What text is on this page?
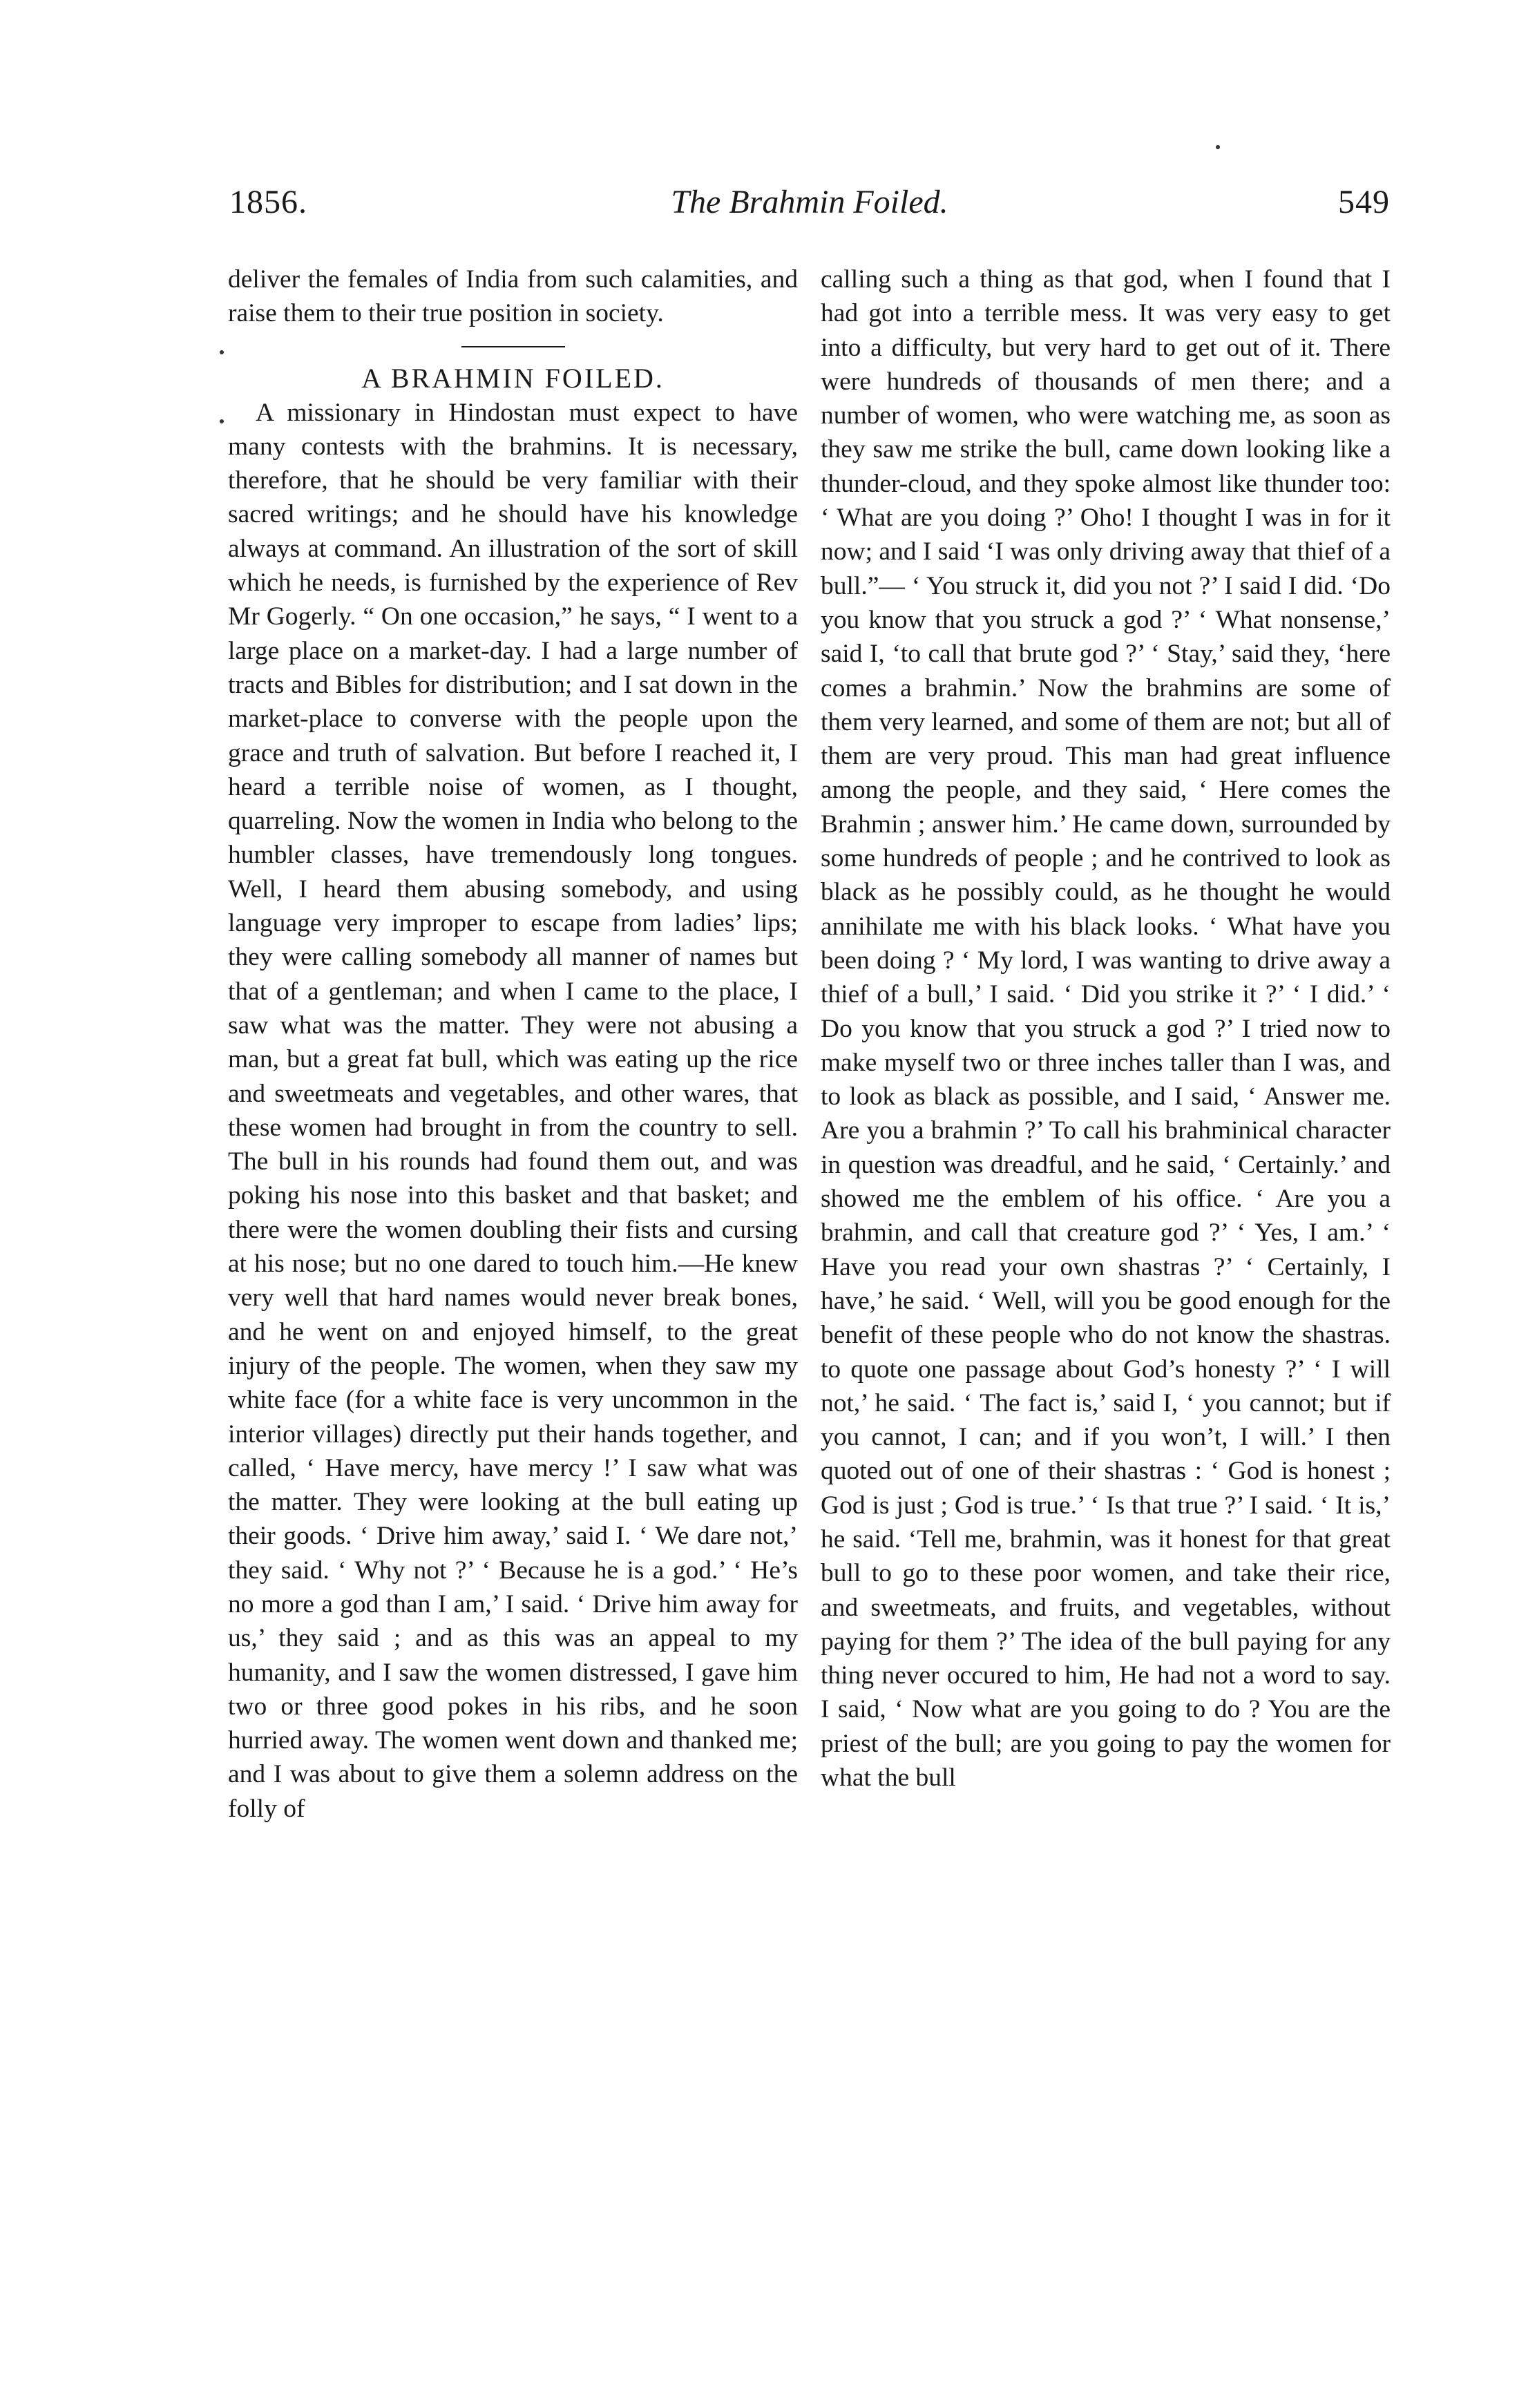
1856.	The Brahmin Foiled.	549

deliver the females of India from such calamities, and raise them to their true position in society.

A BRAHMIN FOILED.

A missionary in Hindostan must expect to have many contests with the brahmins. It is necessary, therefore, that he should be very familiar with their sacred writings; and he should have his knowledge always at command. An illustration of the sort of skill which he needs, is furnished by the experience of Rev Mr Gogerly. “ On one occasion,” he says, “ I went to a large place on a market-day. I had a large number of tracts and Bibles for distribution; and I sat down in the market-place to converse with the people upon the grace and truth of salvation. But before I reached it, I heard a terrible noise of women, as I thought, quarreling. Now the women in India who belong to the humbler classes, have tremendously long tongues. Well, I heard them abusing somebody, and using language very improper to escape from ladies’ lips; they were calling somebody all manner of names but that of a gentleman; and when I came to the place, I saw what was the matter. They were not abusing a man, but a great fat bull, which was eating up the rice and sweetmeats and vegetables, and other wares, that these women had brought in from the country to sell. The bull in his rounds had found them out, and was poking his nose into this basket and that basket; and there were the women doubling their fists and cursing at his nose; but no one dared to touch him.—He knew very well that hard names would never break bones, and he went on and enjoyed himself, to the great injury of the people. The women, when they saw my white face (for a white face is very uncommon in the interior villages) directly put their hands together, and called, ‘ Have mercy, have mercy !’ I saw what was the matter. They were looking at the bull eating up their goods. ‘ Drive him away,’ said I. ‘ We dare not,’ they said. ‘ Why not ?’ ‘ Because he is a god.’ ‘ He’s no more a god than I am,’ I said. ‘ Drive him away for us,’ they said ; and as this was an appeal to my humanity, and I saw the women distressed, I gave him two or three good pokes in his ribs, and he soon hurried away. The women went down and thanked me; and I was about to give them a solemn address on the folly of

calling such a thing as that god, when I found that I had got into a terrible mess. It was very easy to get into a difficulty, but very hard to get out of it. There were hundreds of thousands of men there; and a number of women, who were watching me, as soon as they saw me strike the bull, came down looking like a thunder-cloud, and they spoke almost like thunder too: ‘ What are you doing ?’ Oho! I thought I was in for it now; and I said ‘I was only driving away that thief of a bull.”— ‘ You struck it, did you not ?’ I said I did. ‘Do you know that you struck a god ?’ ‘ What nonsense,’ said I, ‘to call that brute god ?’ ‘ Stay,’ said they, ‘here comes a brahmin.’ Now the brahmins are some of them very learned, and some of them are not; but all of them are very proud. This man had great influence among the people, and they said, ‘ Here comes the Brahmin ; answer him.’ He came down, surrounded by some hundreds of people ; and he contrived to look as black as he possibly could, as he thought he would annihilate me with his black looks. ‘ What have you been doing ? ‘ My lord, I was wanting to drive away a thief of a bull,’ I said. ‘ Did you strike it ?’ ‘ I did.’ ‘ Do you know that you struck a god ?’ I tried now to make myself two or three inches taller than I was, and to look as black as possible, and I said, ‘ Answer me. Are you a brahmin ?’ To call his brahminical character in question was dreadful, and he said, ‘ Certainly.’ and showed me the emblem of his office. ‘ Are you a brahmin, and call that creature god ?’ ‘ Yes, I am.’ ‘ Have you read your own shastras ?’ ‘ Certainly, I have,’ he said. ‘ Well, will you be good enough for the benefit of these people who do not know the shastras. to quote one passage about God’s honesty ?’ ‘ I will not,’ he said. ‘ The fact is,’ said I, ‘ you cannot; but if you cannot, I can; and if you won’t, I will.’ I then quoted out of one of their shastras : ‘ God is honest ; God is just ; God is true.’ ‘ Is that true ?’ I said. ‘ It is,’ he said. ‘Tell me, brahmin, was it honest for that great bull to go to these poor women, and take their rice, and sweetmeats, and fruits, and vegetables, without paying for them ?’ The idea of the bull paying for any thing never occured to him, He had not a word to say. I said, ‘ Now what are you going to do ? You are the priest of the bull; are you going to pay the women for what the bull
